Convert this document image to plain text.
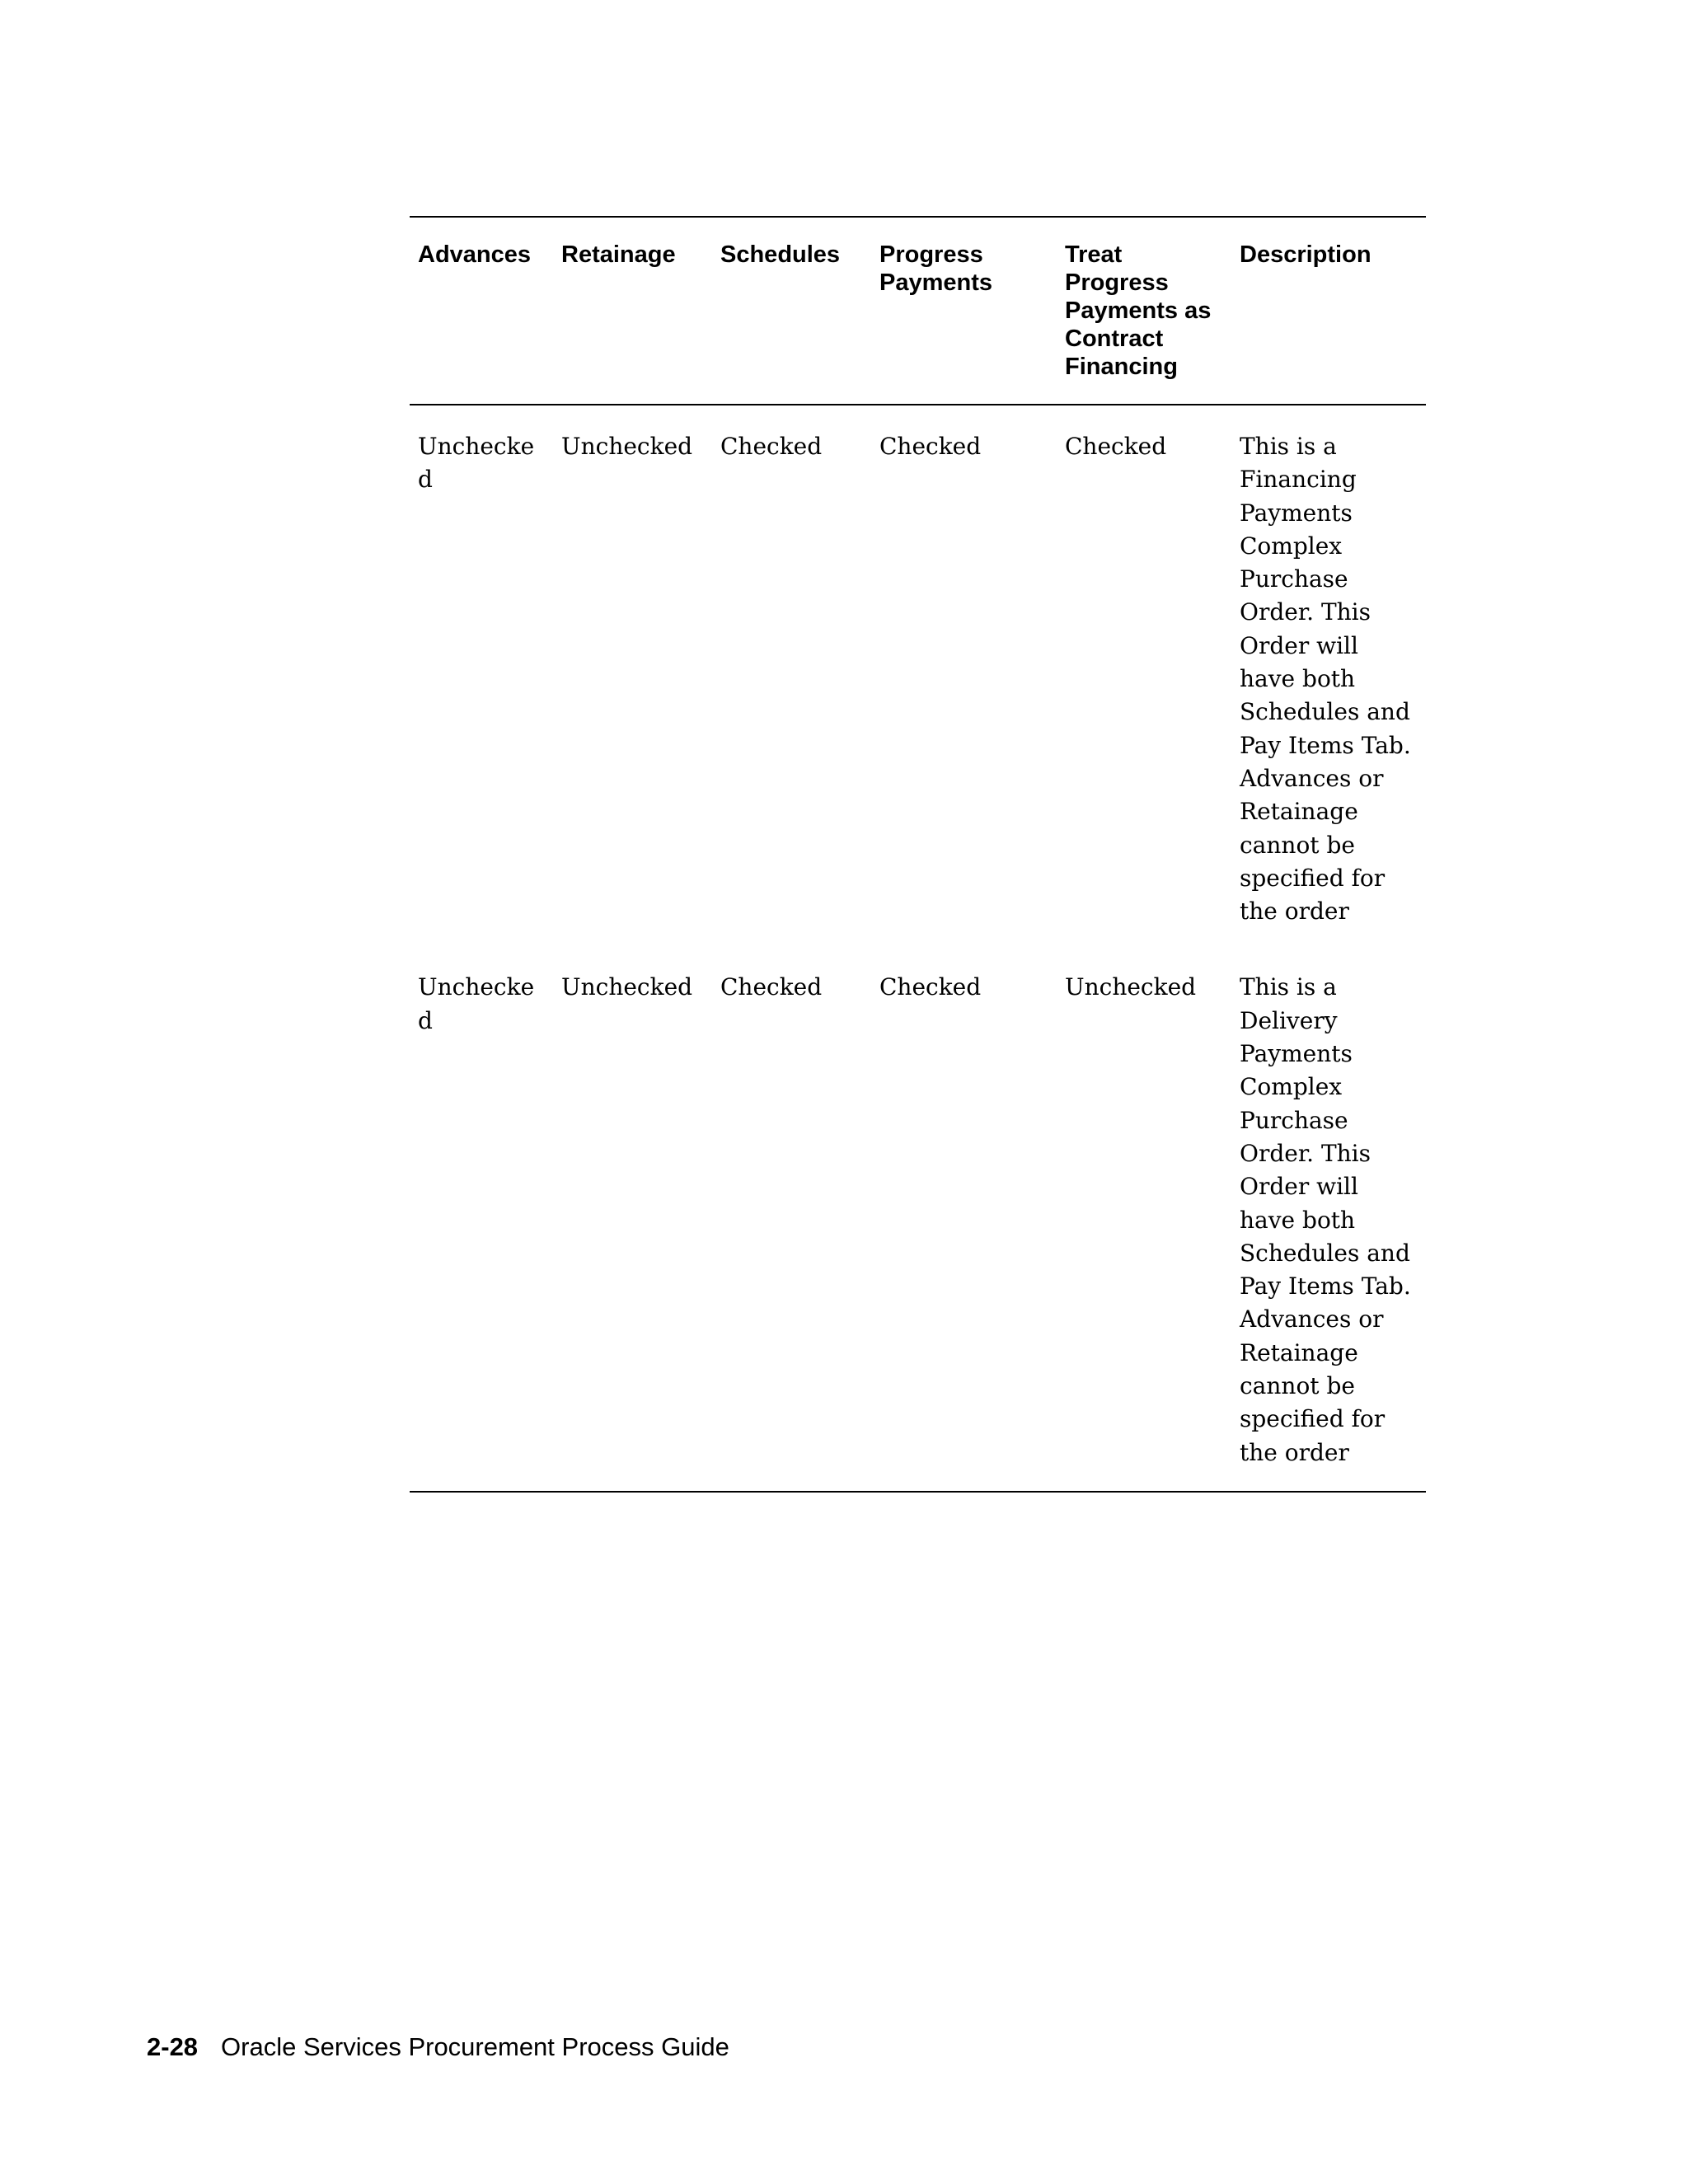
Advances	Retainage	Schedules	Progress Payments	Treat Progress Payments as Contract Financing	Description
Unchecked	Unchecked	Checked	Checked	Checked	This is a Financing Payments Complex Purchase Order. This Order will have both Schedules and Pay Items Tab. Advances or Retainage cannot be specified for the order
Unchecked	Unchecked	Checked	Checked	Unchecked	This is a Delivery Payments Complex Purchase Order. This Order will have both Schedules and Pay Items Tab. Advances or Retainage cannot be specified for the order
2-28 Oracle Services Procurement Process Guide
